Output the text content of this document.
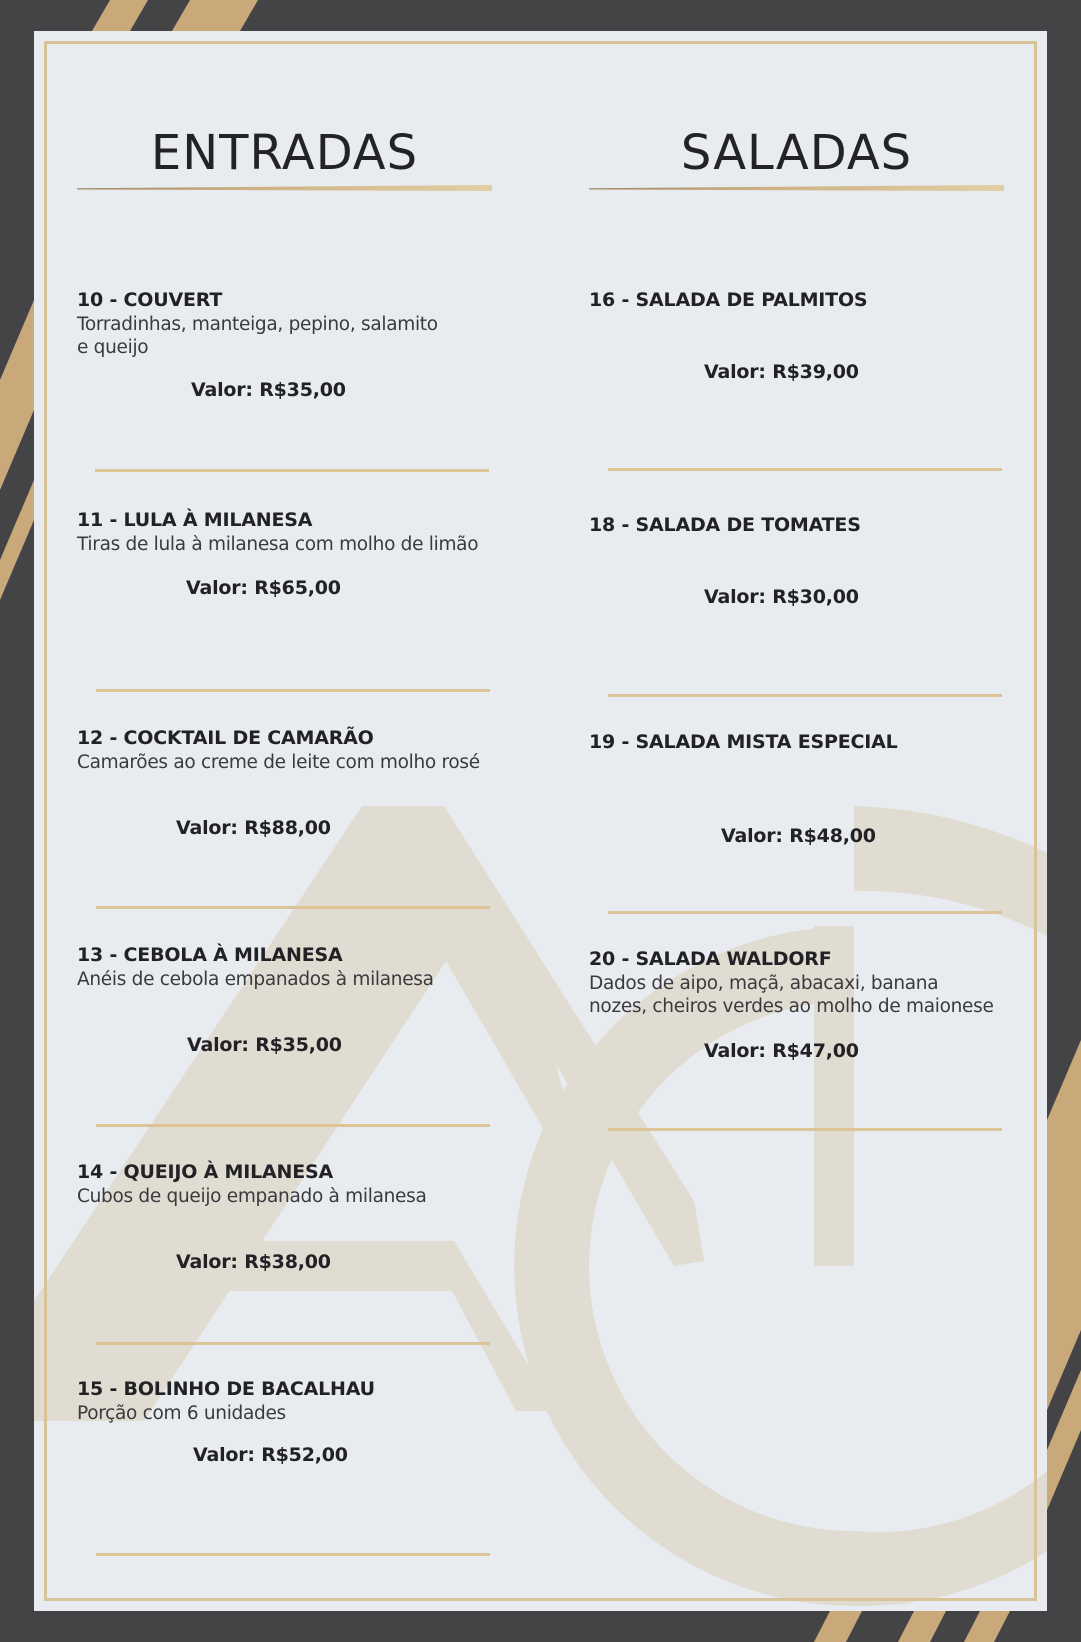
ENTRADAS
10 - COUVERT
Torradinhas, manteiga, pepino, salamito e queijo
Valor: R$35,00
11 - LULA À MILANESA
Tiras de lula à milanesa com molho de limão
Valor: R$65,00
12 - COCKTAIL DE CAMARÃO
Camarões ao creme de leite com molho rosé
Valor: R$88,00
13 - CEBOLA À MILANESA
Anéis de cebola empanados à milanesa
Valor: R$35,00
14 - QUEIJO À MILANESA
Cubos de queijo empanado à milanesa
Valor: R$38,00
15 - BOLINHO DE BACALHAU
Porção com 6 unidades
Valor: R$52,00
SALADAS
16 - SALADA DE PALMITOS
Valor: R$39,00
18 - SALADA DE TOMATES
Valor: R$30,00
19 - SALADA MISTA ESPECIAL
Valor: R$48,00
20 - SALADA WALDORF
Dados de aipo, maçã, abacaxi, banana nozes, cheiros verdes ao molho de maionese
Valor: R$47,00
